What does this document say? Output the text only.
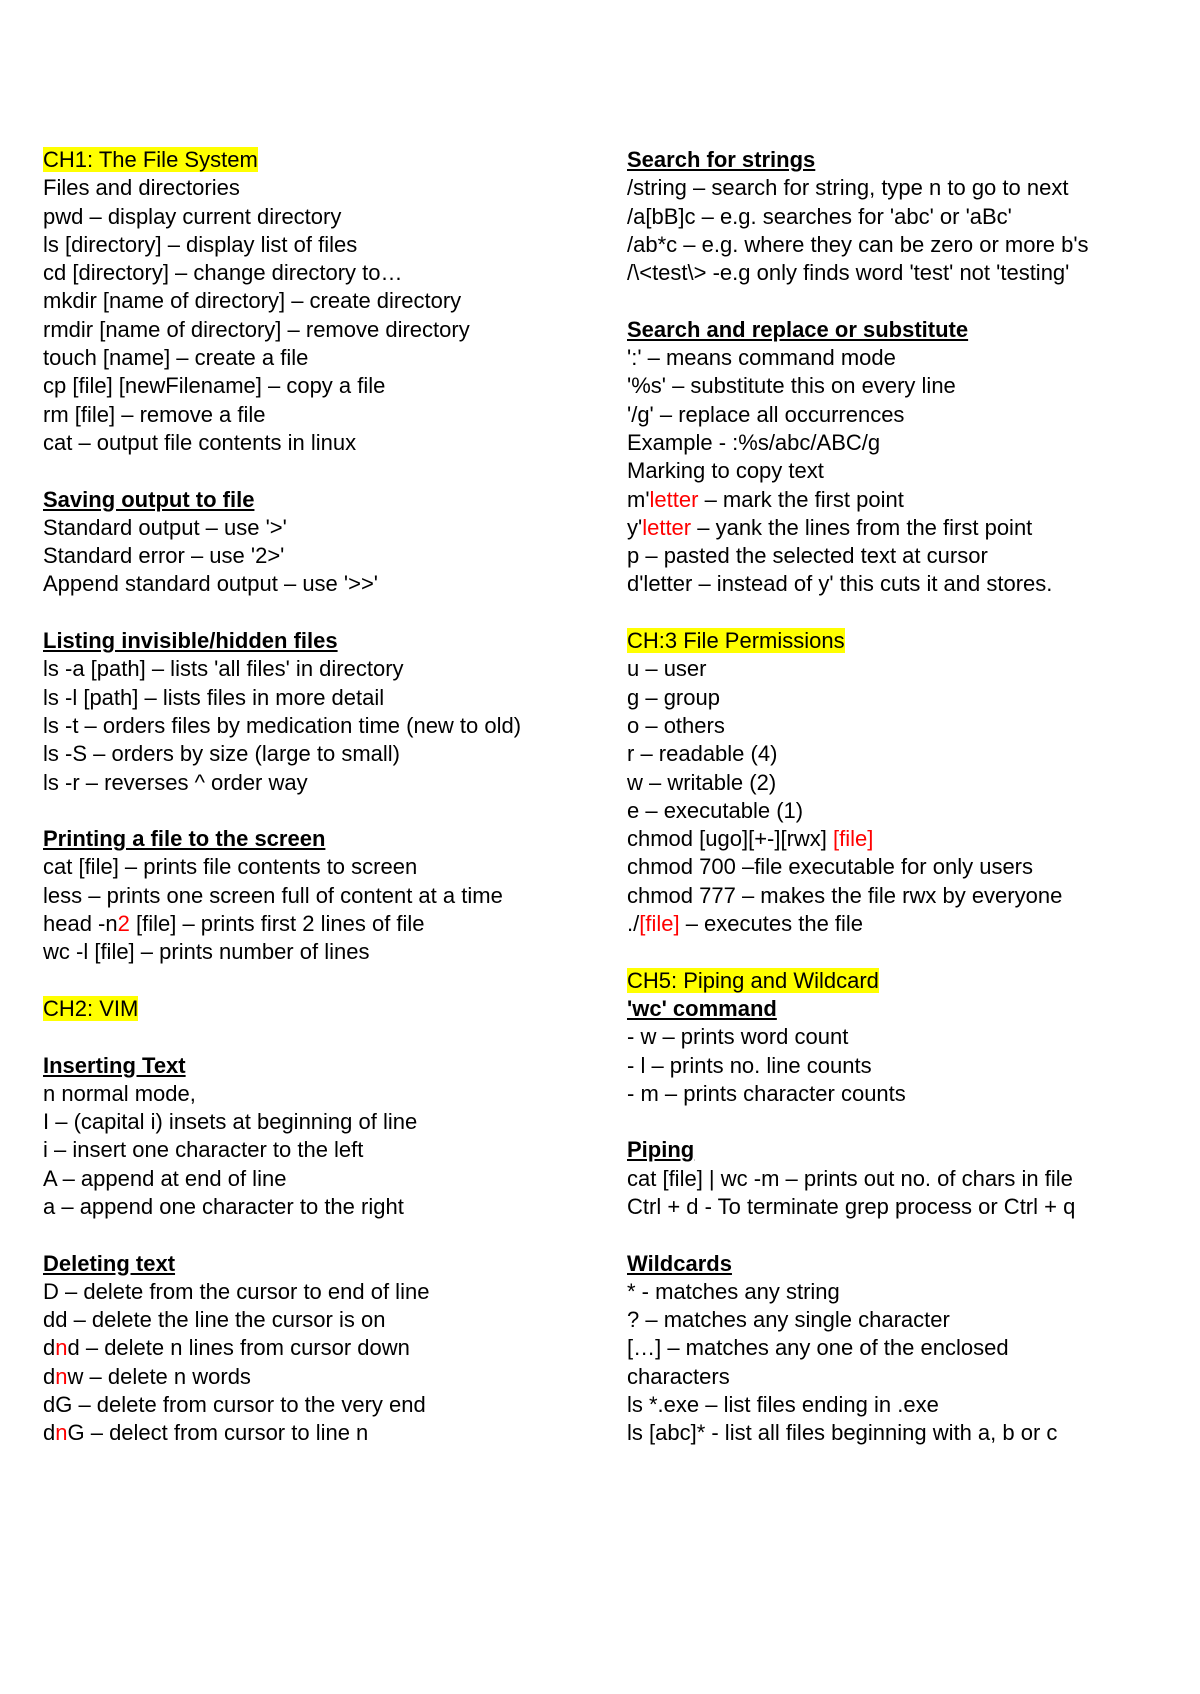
CH1: The File System
Files and directories
pwd – display current directory
ls [directory] – display list of files
cd [directory] – change directory to…
mkdir [name of directory] – create directory
rmdir [name of directory] – remove directory
touch [name] – create a file
cp [file] [newFilename] – copy a file
rm [file] – remove a file
cat – output file contents in linux
Saving output to file
Standard output – use '>'
Standard error – use '2>'
Append standard output – use '>>'
Listing invisible/hidden files
ls -a [path] – lists 'all files' in directory
ls -l [path] – lists files in more detail
ls -t – orders files by medication time (new to old)
ls -S – orders by size (large to small)
ls -r – reverses ^ order way
Printing a file to the screen
cat [file] – prints file contents to screen
less – prints one screen full of content at a time
head -n2 [file] – prints first 2 lines of file
wc -l [file] – prints number of lines
CH2: VIM
Inserting Text
n normal mode,
I – (capital i) insets at beginning of line
i – insert one character to the left
A – append at end of line
a – append one character to the right
Deleting text
D – delete from the cursor to end of line
dd – delete the line the cursor is on
dnd – delete n lines from cursor down
dnw – delete n words
dG – delete from cursor to the very end
dnG – delect from cursor to line n
Search for strings
/string – search for string, type n to go to next
/a[bB]c – e.g. searches for 'abc' or 'aBc'
/ab*c – e.g. where they can be zero or more b's
/\<test\> -e.g only finds word 'test' not 'testing'
Search and replace or substitute
':' – means command mode
'%s' – substitute this on every line
'/g' – replace all occurrences
Example - :%s/abc/ABC/g
Marking to copy text
m'letter – mark the first point
y'letter – yank the lines from the first point
p – pasted the selected text at cursor
d'letter – instead of y' this cuts it and stores.
CH:3 File Permissions
u – user
g – group
o – others
r – readable (4)
w – writable (2)
e – executable (1)
chmod [ugo][+-][rwx] [file]
chmod 700 –file executable for only users
chmod 777 – makes the file rwx by everyone
./[file] – executes the file
CH5: Piping and Wildcard
'wc' command
- w – prints word count
- l – prints no. line counts
- m – prints character counts
Piping
cat [file] | wc -m – prints out no. of chars in file
Ctrl + d - To terminate grep process or Ctrl + q
Wildcards
* - matches any string
? – matches any single character
[…] – matches any one of the enclosed
characters
ls *.exe – list files ending in .exe
ls [abc]* - list all files beginning with a, b or c
